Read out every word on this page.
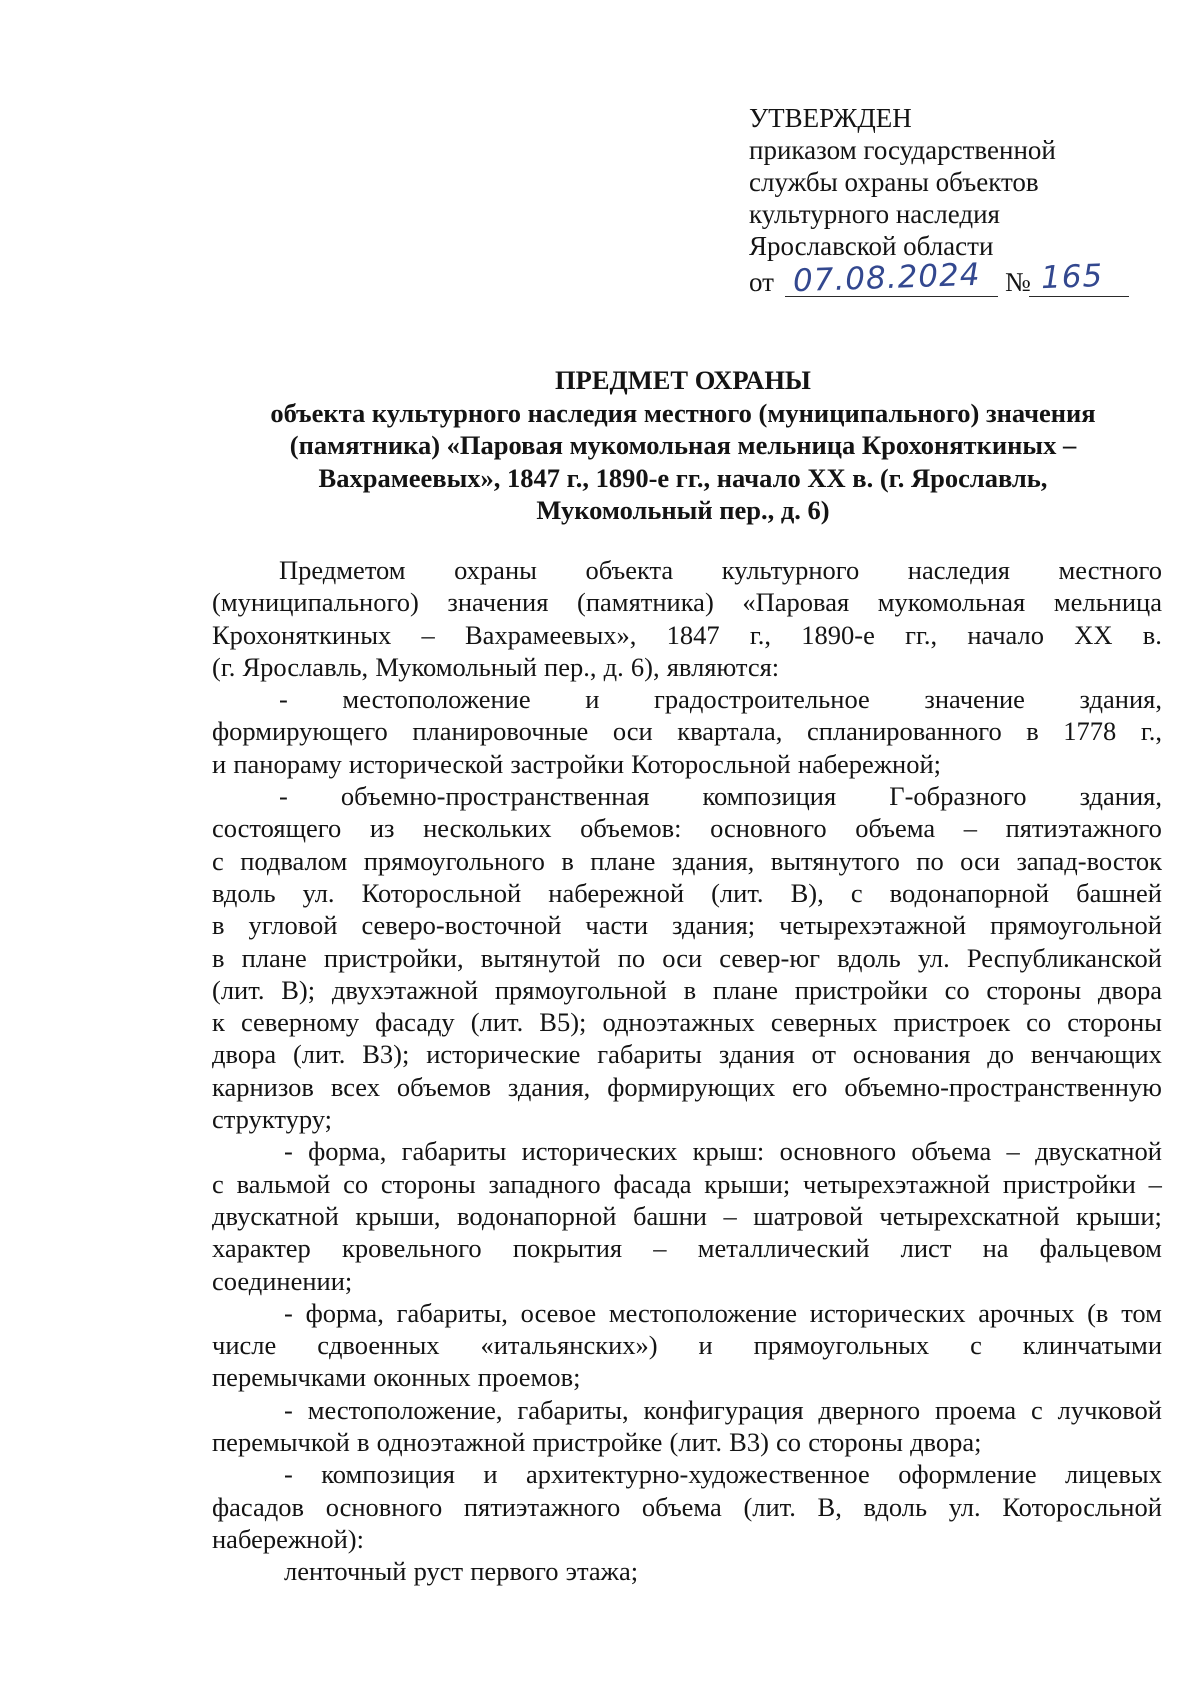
УТВЕРЖДЕН
приказом государственной
службы охраны объектов
культурного наследия
Ярославской области
от 07.08.2024 № 165
ПРЕДМЕТ ОХРАНЫ
объекта культурного наследия местного (муниципального) значения
(памятника) «Паровая мукомольная мельница Крохоняткиных –
Вахрамеевых», 1847 г., 1890-е гг., начало XX в. (г. Ярославль,
Мукомольный пер., д. 6)
Предметом охраны объекта культурного наследия местного
(муниципального) значения (памятника) «Паровая мукомольная мельница
Крохоняткиных – Вахрамеевых», 1847 г., 1890-е гг., начало XX в.
(г. Ярославль, Мукомольный пер., д. 6), являются:
- местоположение и градостроительное значение здания,
формирующего планировочные оси квартала, спланированного в 1778 г.,
и панораму исторической застройки Которосльной набережной;
- объемно-пространственная композиция Г-образного здания,
состоящего из нескольких объемов: основного объема – пятиэтажного
с подвалом прямоугольного в плане здания, вытянутого по оси запад-восток
вдоль ул. Которосльной набережной (лит. В), с водонапорной башней
в угловой северо-восточной части здания; четырехэтажной прямоугольной
в плане пристройки, вытянутой по оси север-юг вдоль ул. Республиканской
(лит. В); двухэтажной прямоугольной в плане пристройки со стороны двора
к северному фасаду (лит. В5); одноэтажных северных пристроек со стороны
двора (лит. В3); исторические габариты здания от основания до венчающих
карнизов всех объемов здания, формирующих его объемно-пространственную
структуру;
- форма, габариты исторических крыш: основного объема – двускатной
с вальмой со стороны западного фасада крыши; четырехэтажной пристройки –
двускатной крыши, водонапорной башни – шатровой четырехскатной крыши;
характер кровельного покрытия – металлический лист на фальцевом
соединении;
- форма, габариты, осевое местоположение исторических арочных (в том
числе сдвоенных «итальянских») и прямоугольных с клинчатыми
перемычками оконных проемов;
- местоположение, габариты, конфигурация дверного проема с лучковой
перемычкой в одноэтажной пристройке (лит. В3) со стороны двора;
- композиция и архитектурно-художественное оформление лицевых
фасадов основного пятиэтажного объема (лит. В, вдоль ул. Которосльной
набережной):
ленточный руст первого этажа;
